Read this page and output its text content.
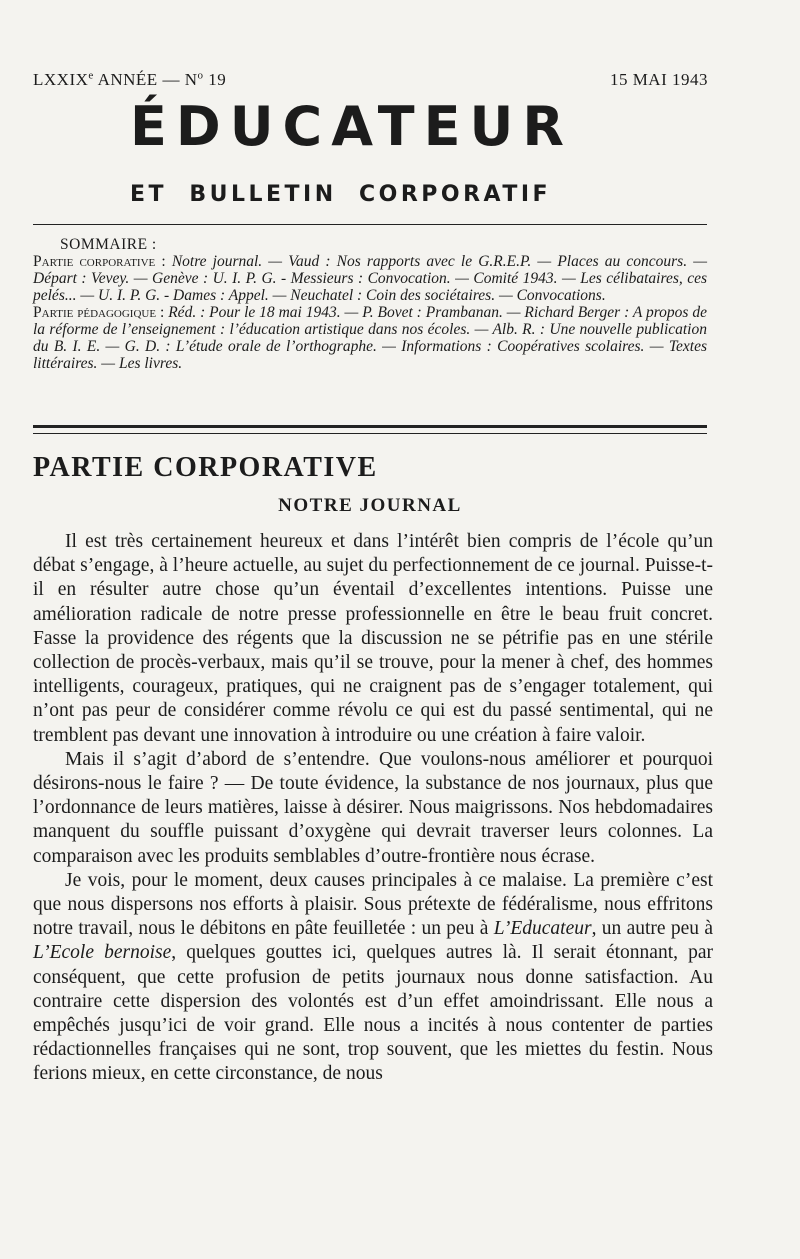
LXXIXe ANNÉE — $N^o$ 19	15 MAI 1943
ÉDUCATEUR
ET  BULLETIN  CORPORATIF

SOMMAIRE :

Partie corporative : Notre journal. — Vaud : Nos rapports avec le G.R.E.P. — Places au concours. — Départ : Vevey. — Genève : U. I. P. G. - Messieurs : Convocation. — Comité 1943. — Les célibataires, ces pelés... — U. I. P. G. - Dames : Appel. — Neuchatel : Coin des sociétaires. — Convocations.

Partie pédagogique : Réd. : Pour le 18 mai 1943. — P. Bovet : Prambanan. — Richard Berger : A propos de la réforme de l’enseignement : l’éducation artistique dans nos écoles. — Alb. R. : Une nouvelle publication du B. I. E. — G. D. : L’étude orale de l’orthographe. — Informations : Coopératives scolaires. — Textes littéraires. — Les livres.

PARTIE CORPORATIVE
NOTRE JOURNAL

Il est très certainement heureux et dans l’intérêt bien compris de l’école qu’un débat s’engage, à l’heure actuelle, au sujet du perfectionnement de ce journal. Puisse-t-il en résulter autre chose qu’un éventail d’excellentes intentions. Puisse une amélioration radicale de notre presse professionnelle en être le beau fruit concret. Fasse la providence des régents que la discussion ne se pétrifie pas en une stérile collection de procès-verbaux, mais qu’il se trouve, pour la mener à chef, des hommes intelligents, courageux, pratiques, qui ne craignent pas de s’engager totalement, qui n’ont pas peur de considérer comme révolu ce qui est du passé sentimental, qui ne tremblent pas devant une innovation à introduire ou une création à faire valoir.

Mais il s’agit d’abord de s’entendre. Que voulons-nous améliorer et pourquoi désirons-nous le faire ? — De toute évidence, la substance de nos journaux, plus que l’ordonnance de leurs matières, laisse à désirer. Nous maigrissons. Nos hebdomadaires manquent du souffle puissant d’oxygène qui devrait traverser leurs colonnes. La comparaison avec les produits semblables d’outre-frontière nous écrase.

Je vois, pour le moment, deux causes principales à ce malaise. La première c’est que nous dispersons nos efforts à plaisir. Sous prétexte de fédéralisme, nous effritons notre travail, nous le débitons en pâte feuilletée : un peu à L’Educateur, un autre peu à L’Ecole bernoise, quelques gouttes ici, quelques autres là. Il serait étonnant, par conséquent, que cette profusion de petits journaux nous donne satisfaction. Au contraire cette dispersion des volontés est d’un effet amoindrissant. Elle nous a empêchés jusqu’ici de voir grand. Elle nous a incités à nous contenter de parties rédactionnelles françaises qui ne sont, trop souvent, que les miettes du festin. Nous ferions mieux, en cette circonstance, de nous
